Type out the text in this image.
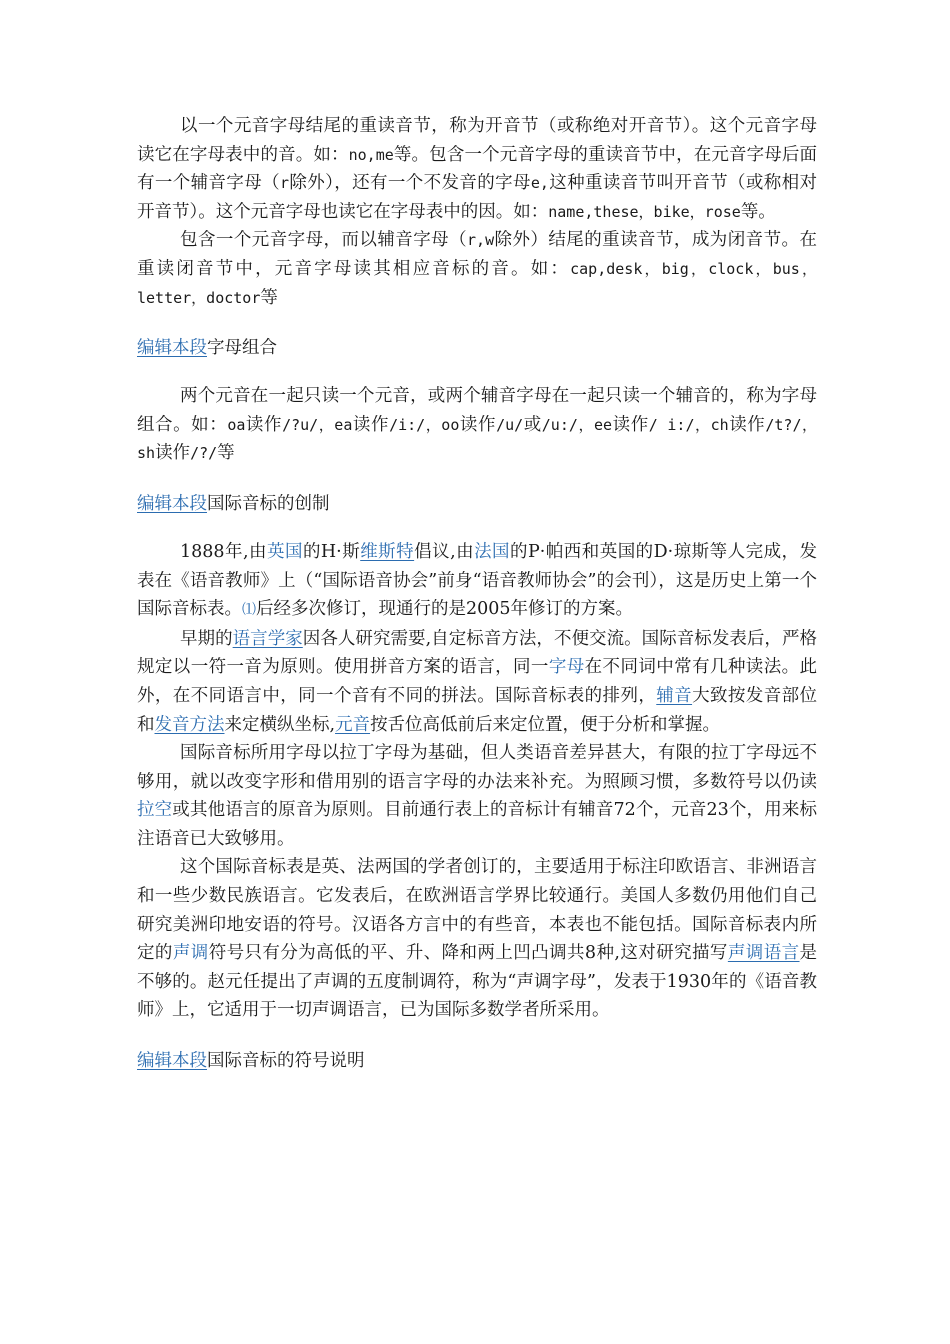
以一个元音字母结尾的重读音节，称为开音节（或称绝对开音节）。这个元音字母读它在字母表中的音。如：no,me等。包含一个元音字母的重读音节中，在元音字母后面有一个辅音字母（r除外），还有一个不发音的字母e,这种重读音节叫开音节（或称相对开音节）。这个元音字母也读它在字母表中的因。如：name,these，bike，rose等。

包含一个元音字母，而以辅音字母（r,w除外）结尾的重读音节，成为闭音节。在重读闭音节中，元音字母读其相应音标的音。如：cap,desk，big，clock，bus，letter，doctor等

编辑本段字母组合

两个元音在一起只读一个元音，或两个辅音字母在一起只读一个辅音的，称为字母组合。如：oa读作/?u/，ea读作/i:/，oo读作/u/或/u:/，ee读作/ i:/，ch读作/t?/，sh读作/?/等

编辑本段国际音标的创制

1888年,由英国的H·斯维斯特倡议,由法国的P·帕西和英国的D·琼斯等人完成，发表在《语音教师》上（“国际语音协会”前身“语音教师协会”的会刊），这是历史上第一个国际音标表。⑴后经多次修订，现通行的是2005年修订的方案。

早期的语言学家因各人研究需要,自定标音方法，不便交流。国际音标发表后，严格规定以一符一音为原则。使用拼音方案的语言，同一字母在不同词中常有几种读法。此外，在不同语言中，同一个音有不同的拼法。国际音标表的排列，辅音大致按发音部位和发音方法来定横纵坐标,元音按舌位高低前后来定位置，便于分析和掌握。

国际音标所用字母以拉丁字母为基础，但人类语音差异甚大，有限的拉丁字母远不够用，就以改变字形和借用别的语言字母的办法来补充。为照顾习惯，多数符号以仍读拉空或其他语言的原音为原则。目前通行表上的音标计有辅音72个，元音23个，用来标注语音已大致够用。

这个国际音标表是英、法两国的学者创订的，主要适用于标注印欧语言、非洲语言和一些少数民族语言。它发表后，在欧洲语言学界比较通行。美国人多数仍用他们自己研究美洲印地安语的符号。汉语各方言中的有些音，本表也不能包括。国际音标表内所定的声调符号只有分为高低的平、升、降和两上凹凸调共8种,这对研究描写声调语言是不够的。赵元任提出了声调的五度制调符，称为“声调字母”，发表于1930年的《语音教师》上，它适用于一切声调语言，已为国际多数学者所采用。

编辑本段国际音标的符号说明
